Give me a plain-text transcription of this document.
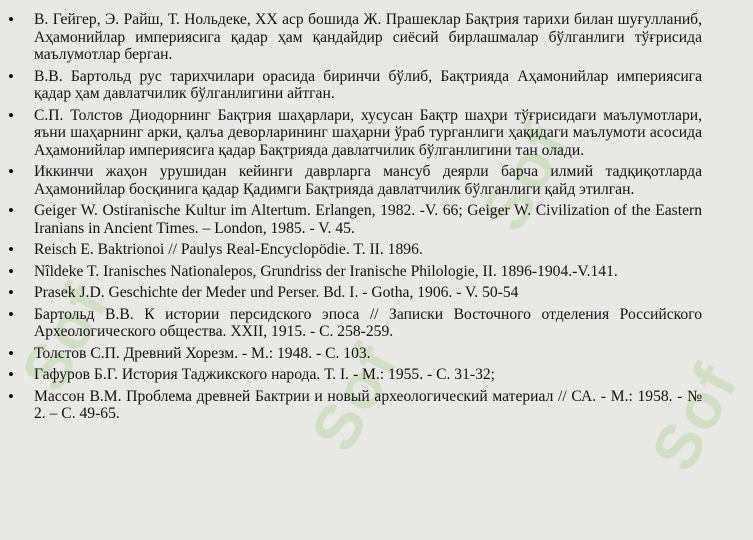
Sof
Sof
Sof	Sof
• В. Гейгер, Э. Райш, Т. Нольдеке, XX аср бошида Ж. Прашеклар Бақтрия тарихи билан шуғулланиб, Аҳамонийлар империясига қадар ҳам қандайдир сиёсий бирлашмалар бўлганлиги тўғрисида маълумотлар берган.
• В.В. Бартольд рус тарихчилари орасида биринчи бўлиб, Бақтрияда Аҳамонийлар империясига қадар ҳам давлатчилик бўлганлигини айтган.
• С.П. Толстов Диодорнинг Бақтрия шаҳарлари, хусусан Бақтр шаҳри тўғрисидаги маълумотлари, яъни шаҳарнинг арки, қалъа деворларининг шаҳарни ўраб турганлиги ҳақидаги маълумоти асосида Аҳамонийлар империясига қадар Бақтрияда давлатчилик бўлганлигини тан олади.
• Иккинчи жаҳон урушидан кейинги даврларга мансуб деярли барча илмий тадқиқотларда Аҳамонийлар босқинига қадар Қадимги Бақтрияда давлатчилик бўлганлиги қайд этилган.
• Geiger W. Ostiranische Kultur im Altertum. Erlangen, 1982. -V. 66; Geiger W. Civilization of the Eastern Iranians in Ancient Times. – London, 1985. - V. 45.
• Reisch E. Baktrionoi // Paulys Real-Encyclopödie. T. II. 1896.
• Nîldeke T. Iranisches Nationalepos, Grundriss der Iranische Philologie, II. 1896-1904.-V.141.
• Prasek J.D. Geschichte der Meder und Perser. Bd. I. - Gotha, 1906. - V. 50-54
• Бартольд В.В. К истории персидского эпоса // Записки Восточного отделения Российского Археологического общества. XXII, 1915. - С. 258-259.
• Толстов С.П. Древний Хорезм. - М.: 1948. - С. 103.
• Гафуров Б.Г. История Таджикского народа. Т. I. - М.: 1955. - С. 31-32;
• Массон В.М. Проблема древней Бактрии и новый археологический материал // СА. - М.: 1958. - № 2. – С. 49-65.
